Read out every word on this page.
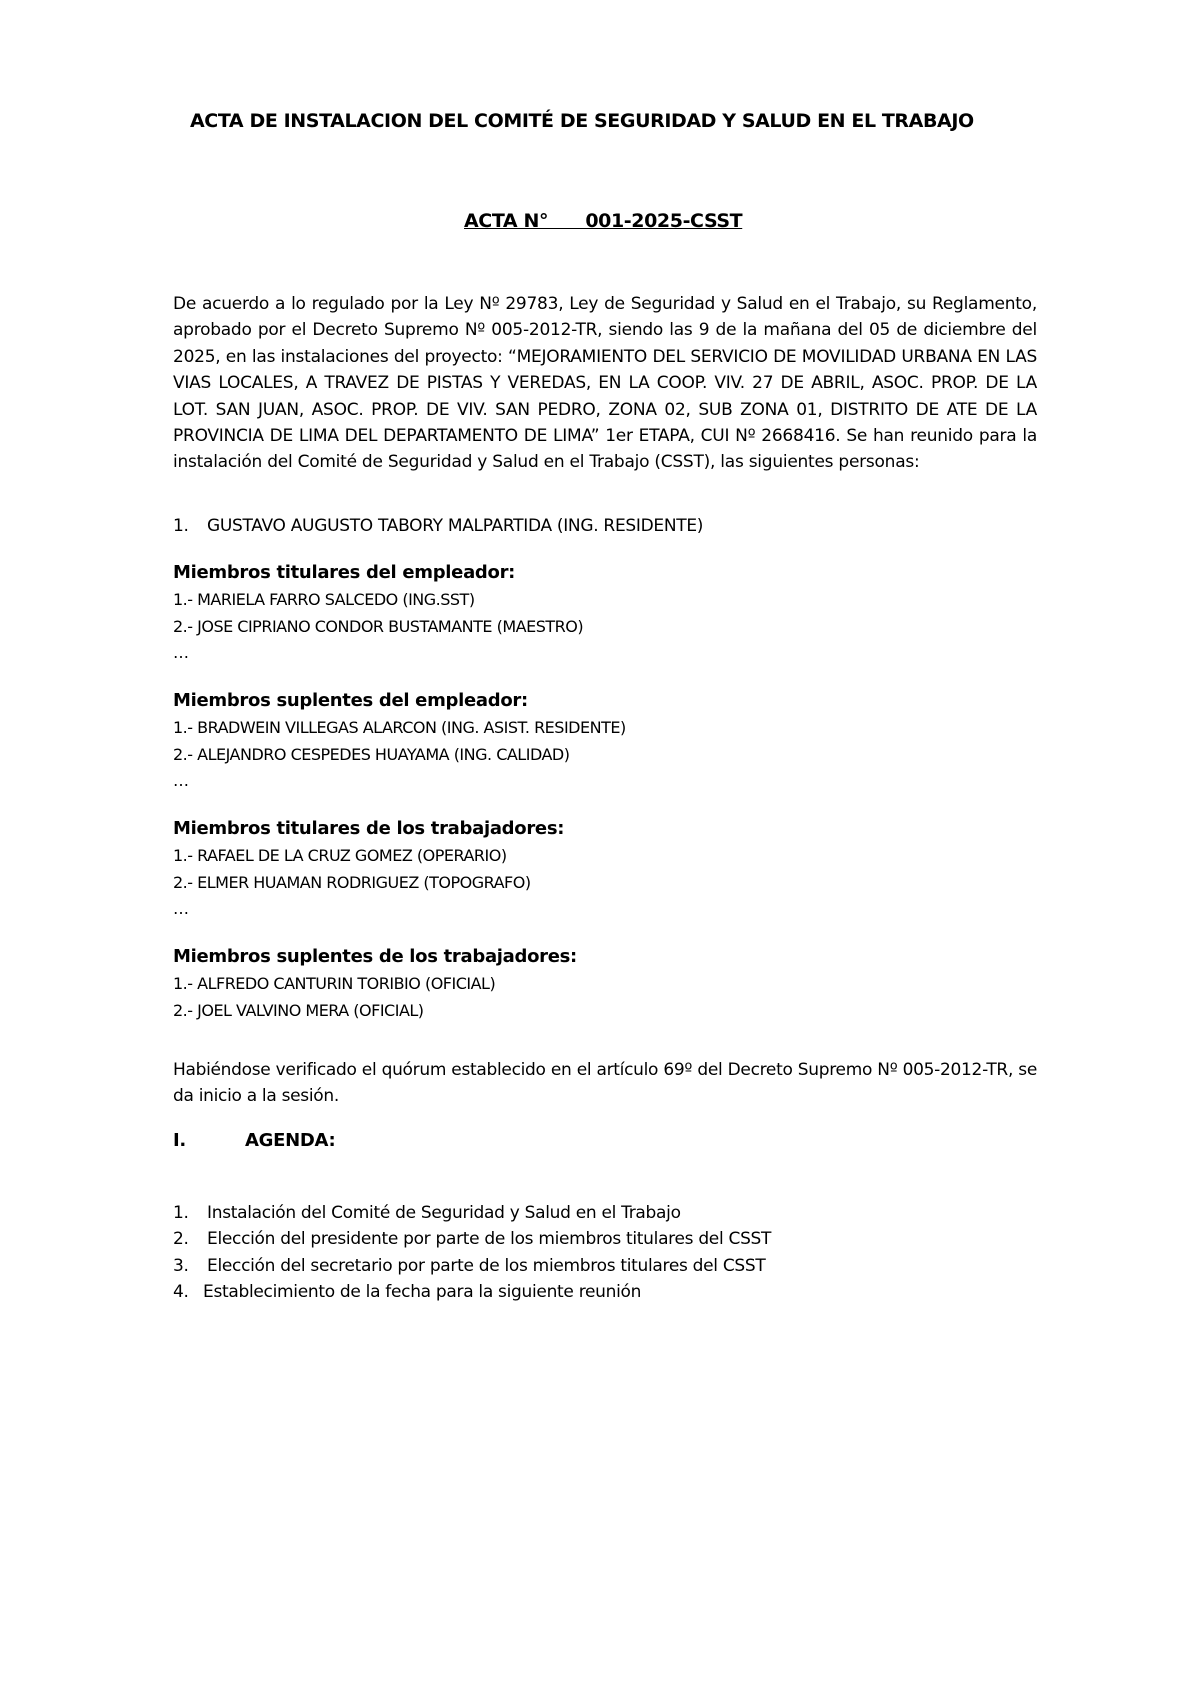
ACTA DE INSTALACION DEL COMITÉ DE SEGURIDAD Y SALUD EN EL TRABAJO
ACTA N°      001-2025-CSST
De acuerdo a lo regulado por la Ley Nº 29783, Ley de Seguridad y Salud en el Trabajo, su Reglamento, aprobado por el Decreto Supremo Nº 005-2012-TR, siendo las 9 de la mañana del 05 de diciembre del 2025, en las instalaciones del proyecto: “MEJORAMIENTO DEL SERVICIO DE MOVILIDAD URBANA EN LAS VIAS LOCALES, A TRAVEZ DE PISTAS Y VEREDAS, EN LA COOP. VIV. 27 DE ABRIL, ASOC. PROP. DE LA LOT. SAN JUAN, ASOC. PROP. DE VIV. SAN PEDRO, ZONA 02, SUB ZONA 01, DISTRITO DE ATE DE LA PROVINCIA DE LIMA DEL DEPARTAMENTO DE LIMA” 1er ETAPA, CUI Nº 2668416. Se han reunido para la instalación del Comité de Seguridad y Salud en el Trabajo (CSST), las siguientes personas:
1.	GUSTAVO AUGUSTO TABORY MALPARTIDA (ING. RESIDENTE)
Miembros titulares del empleador:
1.- MARIELA FARRO SALCEDO (ING.SST)
2.- JOSE CIPRIANO CONDOR BUSTAMANTE (MAESTRO)
…
Miembros suplentes del empleador:
1.- BRADWEIN VILLEGAS ALARCON (ING. ASIST. RESIDENTE)
2.- ALEJANDRO CESPEDES HUAYAMA (ING. CALIDAD)
…
Miembros titulares de los trabajadores:
1.- RAFAEL DE LA CRUZ GOMEZ (OPERARIO)
2.- ELMER HUAMAN RODRIGUEZ (TOPOGRAFO)
…
Miembros suplentes de los trabajadores:
1.- ALFREDO CANTURIN TORIBIO (OFICIAL)
2.- JOEL VALVINO MERA (OFICIAL)
Habiéndose verificado el quórum establecido en el artículo 69º del Decreto Supremo Nº 005-2012-TR, se da inicio a la sesión.
I.	AGENDA:
1.	Instalación del Comité de Seguridad y Salud en el Trabajo
2.	Elección del presidente por parte de los miembros titulares del CSST
3.	Elección del secretario por parte de los miembros titulares del CSST
4. Establecimiento de la fecha para la siguiente reunión
